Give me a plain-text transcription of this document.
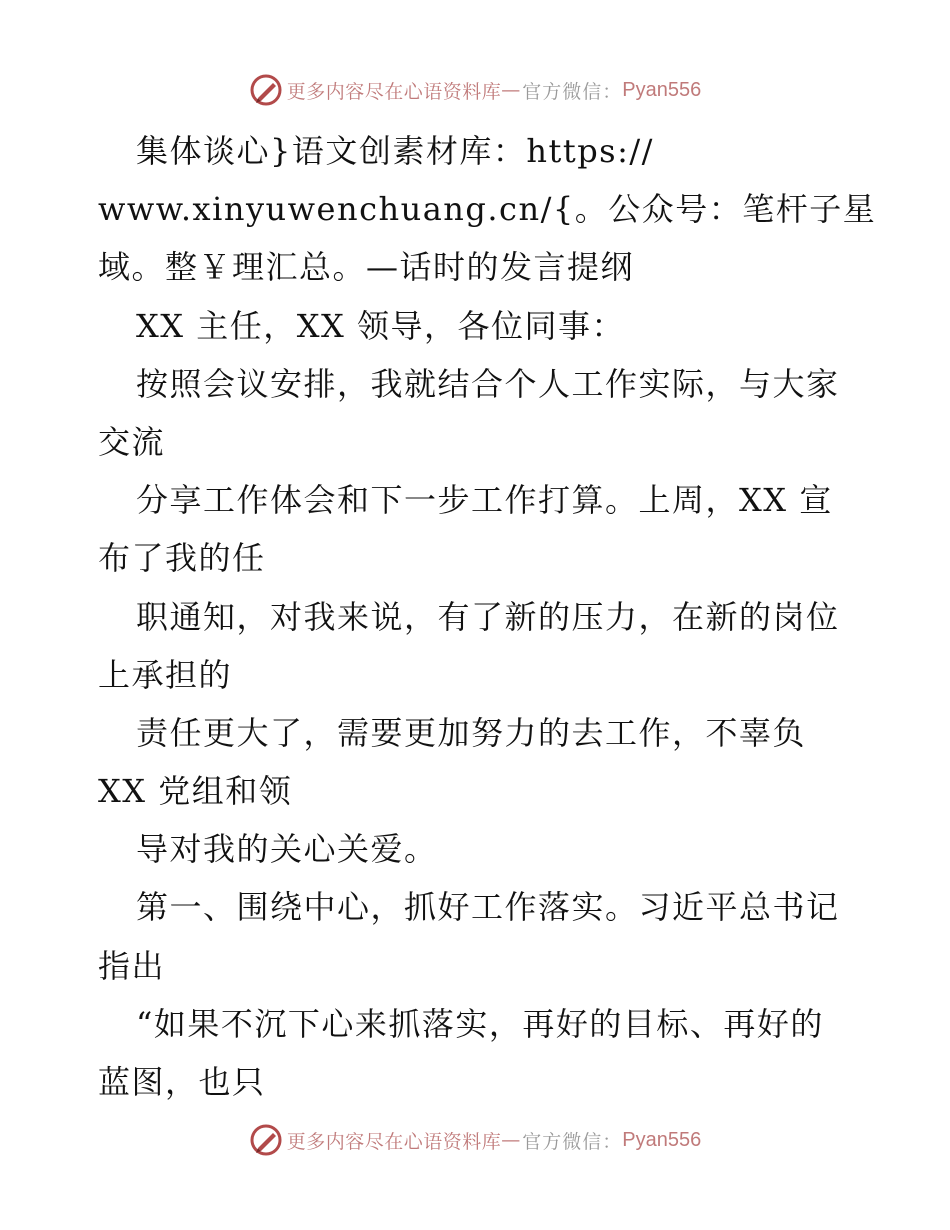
更多内容尽在心语资料库 — 官方微信： Pyan556
集体谈心}语文创素材库：https://
www.xinyuwenchuang.cn/{。公众号：笔杆子星
域。整￥理汇总。—话时的发言提纲
XX 主任，XX 领导，各位同事：
按照会议安排，我就结合个人工作实际，与大家
交流
分享工作体会和下一步工作打算。上周，XX 宣
布了我的任
职通知，对我来说，有了新的压力，在新的岗位
上承担的
责任更大了，需要更加努力的去工作，不辜负
XX 党组和领
导对我的关心关爱。
第一、围绕中心，抓好工作落实。习近平总书记
指出
“如果不沉下心来抓落实，再好的目标、再好的
蓝图，也只
更多内容尽在心语资料库 — 官方微信： Pyan556
